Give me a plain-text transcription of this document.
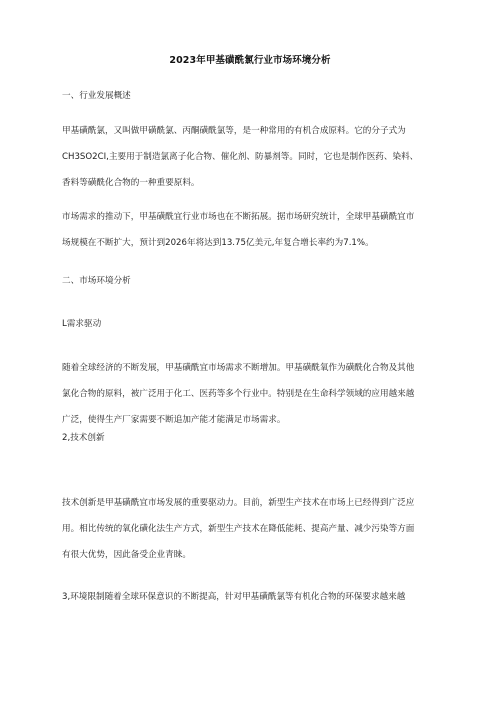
2023年甲基磺酰氯行业市场环境分析
一、行业发展概述
甲基磺酰氯，又叫做甲磺酰氯、丙酮磺酰氯等，是一种常用的有机合成原料。它的分子式为
CH3SO2CI,主要用于制造氯离子化合物、催化剂、防暴剂等。同时，它也是制作医药、染料、
香料等磺酰化合物的一种重要原料。
市场需求的推动下，甲基磺酰宜行业市场也在不断拓展。据市场研究统计，全球甲基磺酰宜市
场规模在不断扩大，预计到2026年将达到13.75亿美元,年复合增长率约为7.1%。
二、市场环境分析
L需求驱动
随着全球经济的不断发展，甲基磺酰宜市场需求不断增加。甲基磺酰氧作为磺酰化合物及其他
氯化合物的原料，被广泛用于化工、医药等多个行业中。特别是在生命科学领域的应用越来越
广泛，使得生产厂家需要不断追加产能才能满足市场需求。
2,技术创新
技术创新是甲基磺酰宜市场发展的重要驱动力。目前，新型生产技术在市场上已经得到广泛应
用。相比传统的氧化磺化法生产方式，新型生产技术在降低能耗、提高产量、减少污染等方面
有很大优势，因此备受企业青睐。
3,环境限制随着全球环保意识的不断提高，针对甲基磺酰氯等有机化合物的环保要求越来越
